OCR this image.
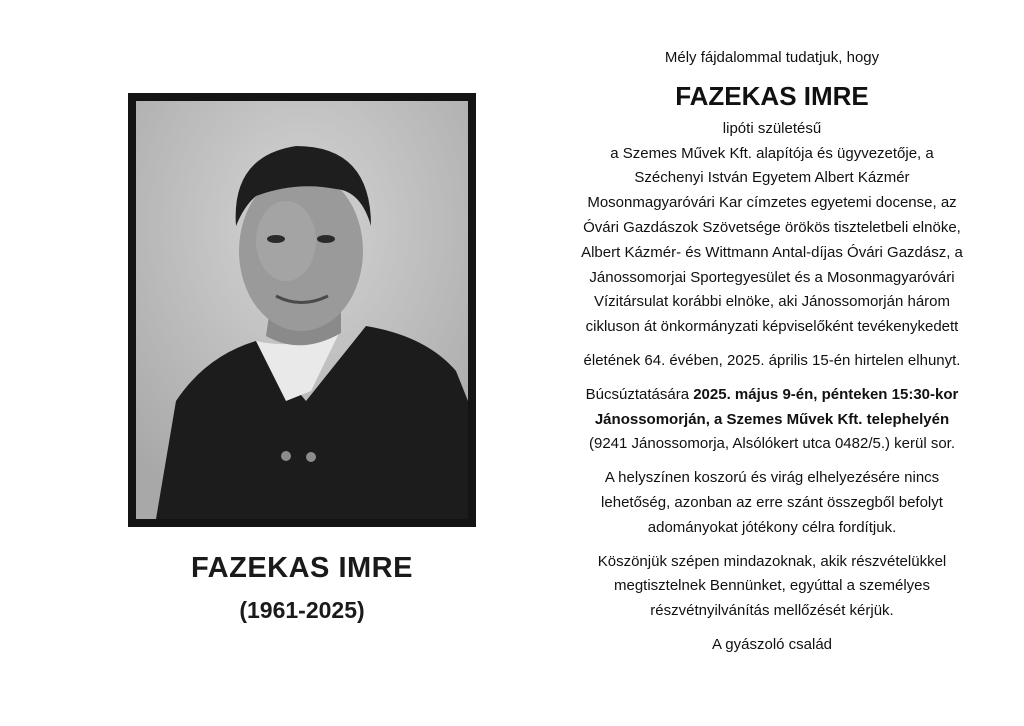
FAZEKAS IMRE

(1961-2025)

Mély fájdalommal tudatjuk, hogy

FAZEKAS IMRE

lipóti születésű

a Szemes Művek Kft. alapítója és ügyvezetője, a

Széchenyi István Egyetem Albert Kázmér

Mosonmagyaróvári Kar címzetes egyetemi docense, az

Óvári Gazdászok Szövetsége örökös tiszteletbeli elnöke,

Albert Kázmér- és Wittmann Antal-díjas Óvári Gazdász, a

Jánossomorjai Sportegyesület és a Mosonmagyaróvári

Vízitársulat korábbi elnöke, aki Jánossomorján három

cikluson át önkormányzati képviselőként tevékenykedett

életének 64. évében, 2025. április 15-én hirtelen elhunyt.

Búcsúztatására 2025. május 9-én, pénteken 15:30-kor

Jánossomorján, a Szemes Művek Kft. telephelyén

(9241 Jánossomorja, Alsólókert utca 0482/5.) kerül sor.

A helyszínen koszorú és virág elhelyezésére nincs

lehetőség, azonban az erre szánt összegből befolyt

adományokat jótékony célra fordítjuk.

Köszönjük szépen mindazoknak, akik részvételükkel

megtisztelnek Bennünket, egyúttal a személyes

részvétnyilvánítás mellőzését kérjük.

A gyászoló család
